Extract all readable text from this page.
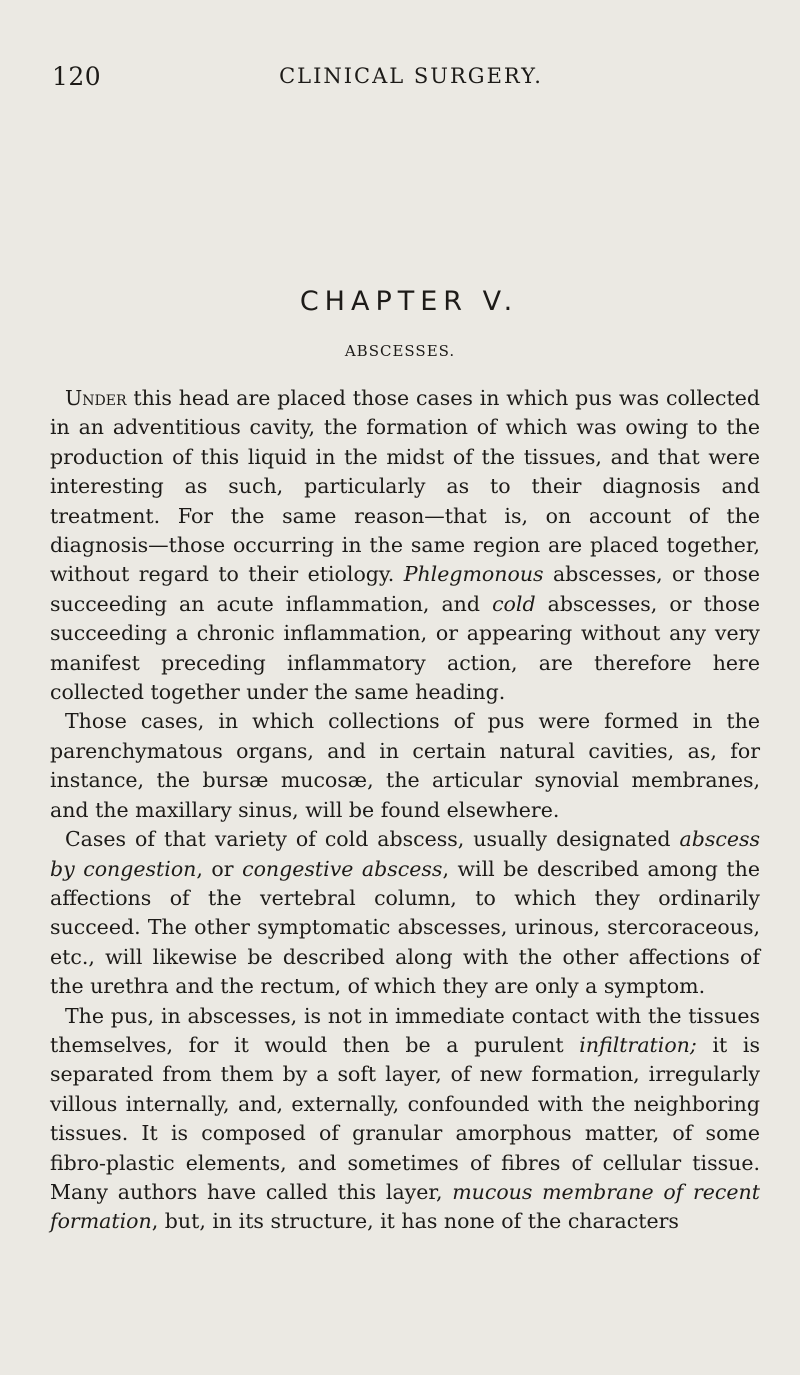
120	CLINICAL SURGERY.
CHAPTER V.
ABSCESSES.

Under this head are placed those cases in which pus was collected in an adventitious cavity, the formation of which was owing to the production of this liquid in the midst of the tissues, and that were interesting as such, particularly as to their diagnosis and treatment. For the same reason—that is, on account of the diagnosis—those occurring in the same region are placed together, without regard to their etiology. Phlegmonous abscesses, or those succeeding an acute inflammation, and cold abscesses, or those succeeding a chronic inflammation, or appearing without any very manifest preceding inflammatory action, are therefore here collected together under the same heading.

Those cases, in which collections of pus were formed in the parenchymatous organs, and in certain natural cavities, as, for instance, the bursæ mucosæ, the articular synovial membranes, and the maxillary sinus, will be found elsewhere.

Cases of that variety of cold abscess, usually designated abscess by congestion, or congestive abscess, will be described among the affections of the vertebral column, to which they ordinarily succeed. The other symptomatic abscesses, urinous, stercoraceous, etc., will likewise be described along with the other affections of the urethra and the rectum, of which they are only a symptom.

The pus, in abscesses, is not in immediate contact with the tissues themselves, for it would then be a purulent infiltration; it is separated from them by a soft layer, of new formation, irregularly villous internally, and, externally, confounded with the neighboring tissues. It is composed of granular amorphous matter, of some fibro-plastic elements, and sometimes of fibres of cellular tissue. Many authors have called this layer, mucous membrane of recent formation, but, in its structure, it has none of the characters
